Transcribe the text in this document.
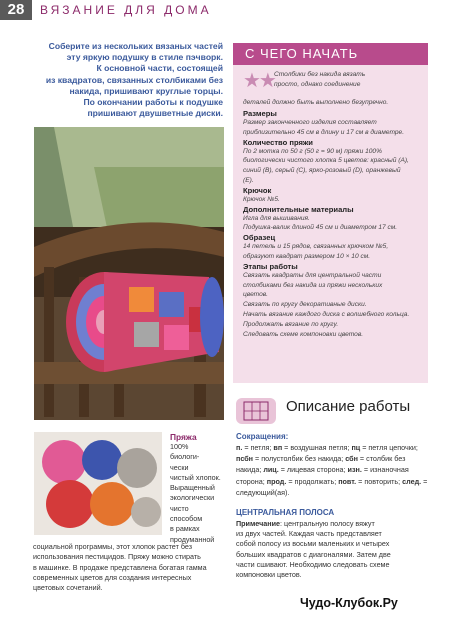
28	ВЯЗАНИЕ ДЛЯ ДОМА
Соберите из нескольких вязаных частей
эту яркую подушку в стиле пэчворк.
К основной части, состоящей
из квадратов, связанных столбиками без
накида, пришивают круглые торцы.
По окончании работы к подушке
пришивают двушветные диски.
С ЧЕГО НАЧАТЬ
★★ Столбики без накида вязать
просто, однако соединение
деталей должно быть выполнено безупречно.
Размеры
Размер законченного изделия составляет
приблизительно 45 см в длину и 17 см в диаметре.
Количество пряжи
По 2 мотка по 50 г (50 г = 90 м) пряжи 100%
биологически чистого хлопка 5 цветов: красный (A),
синий (B), серый (C), ярко-розовый (D), оранжевый
(E).
Крючок
Крючок №5.
Дополнительные материалы
Игла для вышивания.
Подушка-валик длиной 45 см и диаметром 17 см.
Образец
14 петель и 15 рядов, связанных крючком №5,
образуют квадрат размером 10 × 10 см.
Этапы работы
Связать квадраты для центральной части
столбиками без накида из пряжи нескольких
цветов.
Связать по кругу декоративные диски.
Начать вязание каждого диска с волшебного кольца.
Продолжать вязание по кругу.
Следовать схеме компоновки цветов.
Описание работы
Сокращения:
п. = петля; вп = воздушная петля; пц = петля цепочки; псбн = полустолбик без накида; сбн = столбик без накида; лиц. = лицевая сторона; изн. = изнаночная сторона; прод. = продолжать; повт. = повторить; след. = следующий(ая).
ЦЕНТРАЛЬНАЯ ПОЛОСА
Примечание: центральную полосу вяжут
из двух частей. Каждая часть представляет
собой полосу из восьми маленьких и четырех
больших квадратов с диагоналями. Затем две
части сшивают. Необходимо следовать схеме
компоновки цветов.
Пряжа
100%
биологи-
чески
чистый хлопок.
Выращенный
экологически
чисто
способом
в рамках
продуманной
социальной программы, этот хлопок растет без
использования пестицидов. Пряжу можно стирать
в машинке. В продаже представлена богатая гамма
современных цветов для создания интересных
цветовых сочетаний.
Чудо-Клубок.Ру
